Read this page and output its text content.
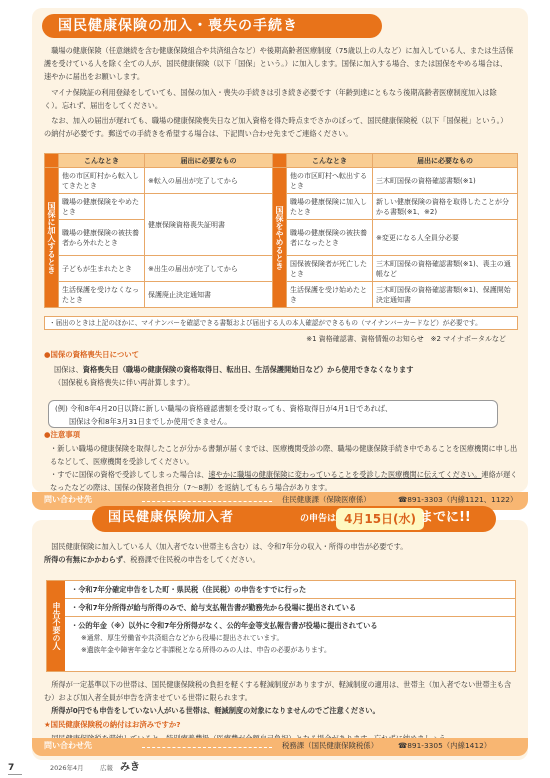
国民健康保険の加入・喪失の手続き
職場の健康保険（任意継続を含む健康保険組合や共済組合など）や後期高齢者医療制度（75歳以上の人など）に加入している人、または生活保護を受けている人を除く全ての人が、国民健康保険（以下「国保」という。）に加入します。国保に加入する場合、または国保をやめる場合は、速やかに届出をお願いします。
マイナ保険証の利用登録をしていても、国保の加入・喪失の手続きは引き続き必要です（年齢到達にともなう後期高齢者医療制度加入は除く）。忘れず、届出をしてください。
なお、加入の届出が遅れても、職場の健康保険喪失日など加入資格を得た時点までさかのぼって、国民健康保険税（以下「国保税」という。）の納付が必要です。郵送での手続きを希望する場合は、下記問い合わせ先までご連絡ください。
	こんなとき	届出に必要なもの		こんなとき	届出に必要なもの
国保に加入するとき	他の市区町村から転入してきたとき	※転入の届出が完了してから	国保をやめるとき	他の市区町村へ転出するとき	三木町国保の資格確認書類(※1)
	職場の健康保険をやめたとき	健康保険資格喪失証明書		職場の健康保険に加入したとき	新しい健康保険の資格を取得したことが分かる書類(※1、※2)
	職場の健康保険の被扶養者から外れたとき			職場の健康保険の被扶養者になったとき	※変更になる人全員分必要
	子どもが生まれたとき	※出生の届出が完了してから		国保被保険者が死亡したとき	三木町国保の資格確認書類(※1)、喪主の通帳など
	生活保護を受けなくなったとき	保護廃止決定通知書		生活保護を受け始めたとき	三木町国保の資格確認書類(※1)、保護開始決定通知書
・届出のときは上記のほかに、マイナンバーを確認できる書類および届出する人の本人確認ができるもの（マイナンバーカードなど）が必要です。
※1 資格確認書、資格情報のお知らせ　※2 マイナポータルなど
●国保の資格喪失日について
国保は、資格喪失日（職場の健康保険の資格取得日、転出日、生活保護開始日など）から使用できなくなります
（国保税も資格喪失に伴い再計算します）。
(例) 令和8年4月20日以降に新しい職場の資格確認書類を受け取っても、資格取得日が4月1日であれば、
国保は令和8年3月31日までしか使用できません。
●注意事項
・新しい職場の健康保険を取得したことが分かる書類が届くまでは、医療機関受診の際、職場の健康保険手続き中であることを医療機関に申し出るなどして、医療機関を受診してください。
・すでに国保の資格で受診してしまった場合は、速やかに職場の健康保険に変わっていることを受診した医療機関に伝えてください。連絡が遅くなったなどの際は、国保の保険者負担分（7～8割）を返納してもらう場合があります。
問い合わせ先	住民健康課（保険医療係）	☎891-3303（内線1121、1122）
国民健康保険加入者	の申告は 4月15日(水) までに!!
国民健康保険に加入している人（加入者でない世帯主も含む）は、令和7年分の収入・所得の申告が必要です。
所得の有無にかかわらず、税務課で住民税の申告をしてください。
申告不要の人
・令和7年分確定申告をした町・県民税（住民税）の申告をすでに行った
・令和7年分所得が給与所得のみで、給与支払報告書が勤務先から役場に提出されている
・公的年金（※）以外に令和7年分所得がなく、公的年金等支払報告書が役場に提出されている
※通常、厚生労働省や共済組合などから役場に提出されています。
※遺族年金や障害年金など非課税となる所得のみの人は、申告の必要があります。
所得が一定基準以下の世帯は、国民健康保険税の負担を軽くする軽減制度がありますが、軽減制度の適用は、世帯主（加入者でない世帯主も含む）および加入者全員が申告を済ませている世帯に限られます。
所得が0円でも申告をしていない人がいる世帯は、軽減制度の対象になりませんのでご注意ください。
★国民健康保険税の納付はお済みですか?
問い合わせ先	税務課（国民健康保険税係）	☎891-3305（内線1412）
7	2026年4月	広報 みき
